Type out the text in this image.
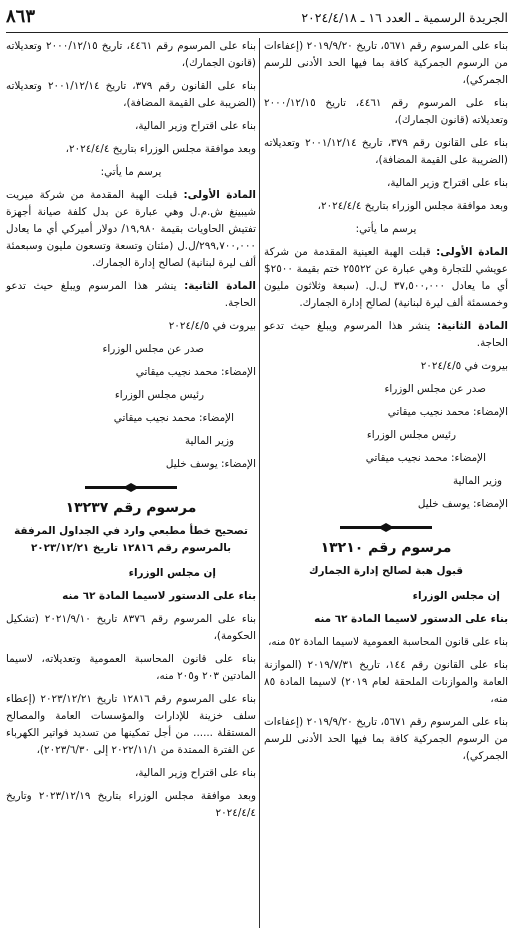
الجريدة الرسمية ـ العدد ١٦ ـ ٢٠٢٤/٤/١٨
٨٦٣

بناء على المرسوم رقم ٥٦٧١، تاريخ ٢٠١٩/٩/٢٠ (إعفاءات من الرسوم الجمركية كافة بما فيها الحد الأدنى للرسم الجمركي)،

بناء على المرسوم رقم ٤٤٦١، تاريخ ٢٠٠٠/١٢/١٥ وتعديلاته (قانون الجمارك)،

بناء على القانون رقم ٣٧٩، تاريخ ٢٠٠١/١٢/١٤ وتعديلاته (الضريبة على القيمة المضافة)،

بناء على اقتراح وزير المالية،

وبعد موافقة مجلس الوزراء بتاريخ ٢٠٢٤/٤/٤،

يرسم ما يأتي:

المادة الأولى: قبلت الهبة العينية المقدمة من شركة عويشي للتجارة وهي عبارة عن ٢٥٥٢٢ ختم بقيمة ٢٥٠٠$ أي ما يعادل ٣٧,٥٠٠,٠٠٠ ل.ل. (سبعة وثلاثون مليون وخمسمئة ألف ليرة لبنانية) لصالح إدارة الجمارك.

المادة الثانية: ينشر هذا المرسوم ويبلغ حيث تدعو الحاجة.

بيروت في ٢٠٢٤/٤/٥

صدر عن مجلس الوزراء

الإمضاء: محمد نجيب ميقاتي

رئيس مجلس الوزراء

الإمضاء: محمد نجيب ميقاتي

وزير المالية

الإمضاء: يوسف خليل

مرسوم رقم ١٣٢١٠
قبول هبة لصالح إدارة الجمارك

إن مجلس الوزراء

بناء على الدستور لاسيما المادة ٦٢ منه

بناء على قانون المحاسبة العمومية لاسيما المادة ٥٢ منه،

بناء على القانون رقم ١٤٤، تاريخ ٢٠١٩/٧/٣١ (الموازنة العامة والموازنات الملحقة لعام ٢٠١٩) لاسيما المادة ٨٥ منه،

بناء على المرسوم رقم ٥٦٧١، تاريخ ٢٠١٩/٩/٢٠ (إعفاءات من الرسوم الجمركية كافة بما فيها الحد الأدنى للرسم الجمركي)،

بناء على المرسوم رقم ٤٤٦١، تاريخ ٢٠٠٠/١٢/١٥ وتعديلاته (قانون الجمارك)،

بناء على القانون رقم ٣٧٩، تاريخ ٢٠٠١/١٢/١٤ وتعديلاته (الضريبة على القيمة المضافة)،

بناء على اقتراح وزير المالية،

وبعد موافقة مجلس الوزراء بتاريخ ٢٠٢٤/٤/٤،

يرسم ما يأتي:

المادة الأولى: قبلت الهبة المقدمة من شركة ميريت شيبينغ ش.م.ل وهي عبارة عن بدل كلفة صيانة أجهزة تفتيش الحاويات بقيمة ١٩,٩٨٠/ دولار أميركي أي ما يعادل ٢٩٩,٧٠٠,٠٠٠/ل.ل (مئتان وتسعة وتسعون مليون وسبعمئة ألف ليرة لبنانية) لصالح إدارة الجمارك.

المادة الثانية: ينشر هذا المرسوم ويبلغ حيث تدعو الحاجة.

بيروت في ٢٠٢٤/٤/٥

صدر عن مجلس الوزراء

الإمضاء: محمد نجيب ميقاتي

رئيس مجلس الوزراء

الإمضاء: محمد نجيب ميقاتي

وزير المالية

الإمضاء: يوسف خليل

مرسوم رقم ١٣٢٣٧
تصحيح خطأ مطبعي وارد في الجداول المرفقة بالمرسوم رقم ١٢٨١٦ تاريخ ٢٠٢٣/١٢/٢١

إن مجلس الوزراء

بناء على الدستور لاسيما المادة ٦٢ منه

بناء على المرسوم رقم ٨٣٧٦ تاريخ ٢٠٢١/٩/١٠ (تشكيل الحكومة)،

بناء على قانون المحاسبة العمومية وتعديلاته، لاسيما المادتين ٢٠٣ و٢٠٥ منه،

بناء على المرسوم رقم ١٢٨١٦ تاريخ ٢٠٢٣/١٢/٢١ (إعطاء سلف خزينة للإدارات والمؤسسات العامة والمصالح المستقلة ...... من أجل تمكينها من تسديد فواتير الكهرباء عن الفترة الممتدة من ٢٠٢٢/١١/١ إلى ٢٠٢٣/٦/٣٠)،

بناء على اقتراح وزير المالية،

وبعد موافقة مجلس الوزراء بتاريخ ٢٠٢٣/١٢/١٩ وتاريخ ٢٠٢٤/٤/٤
